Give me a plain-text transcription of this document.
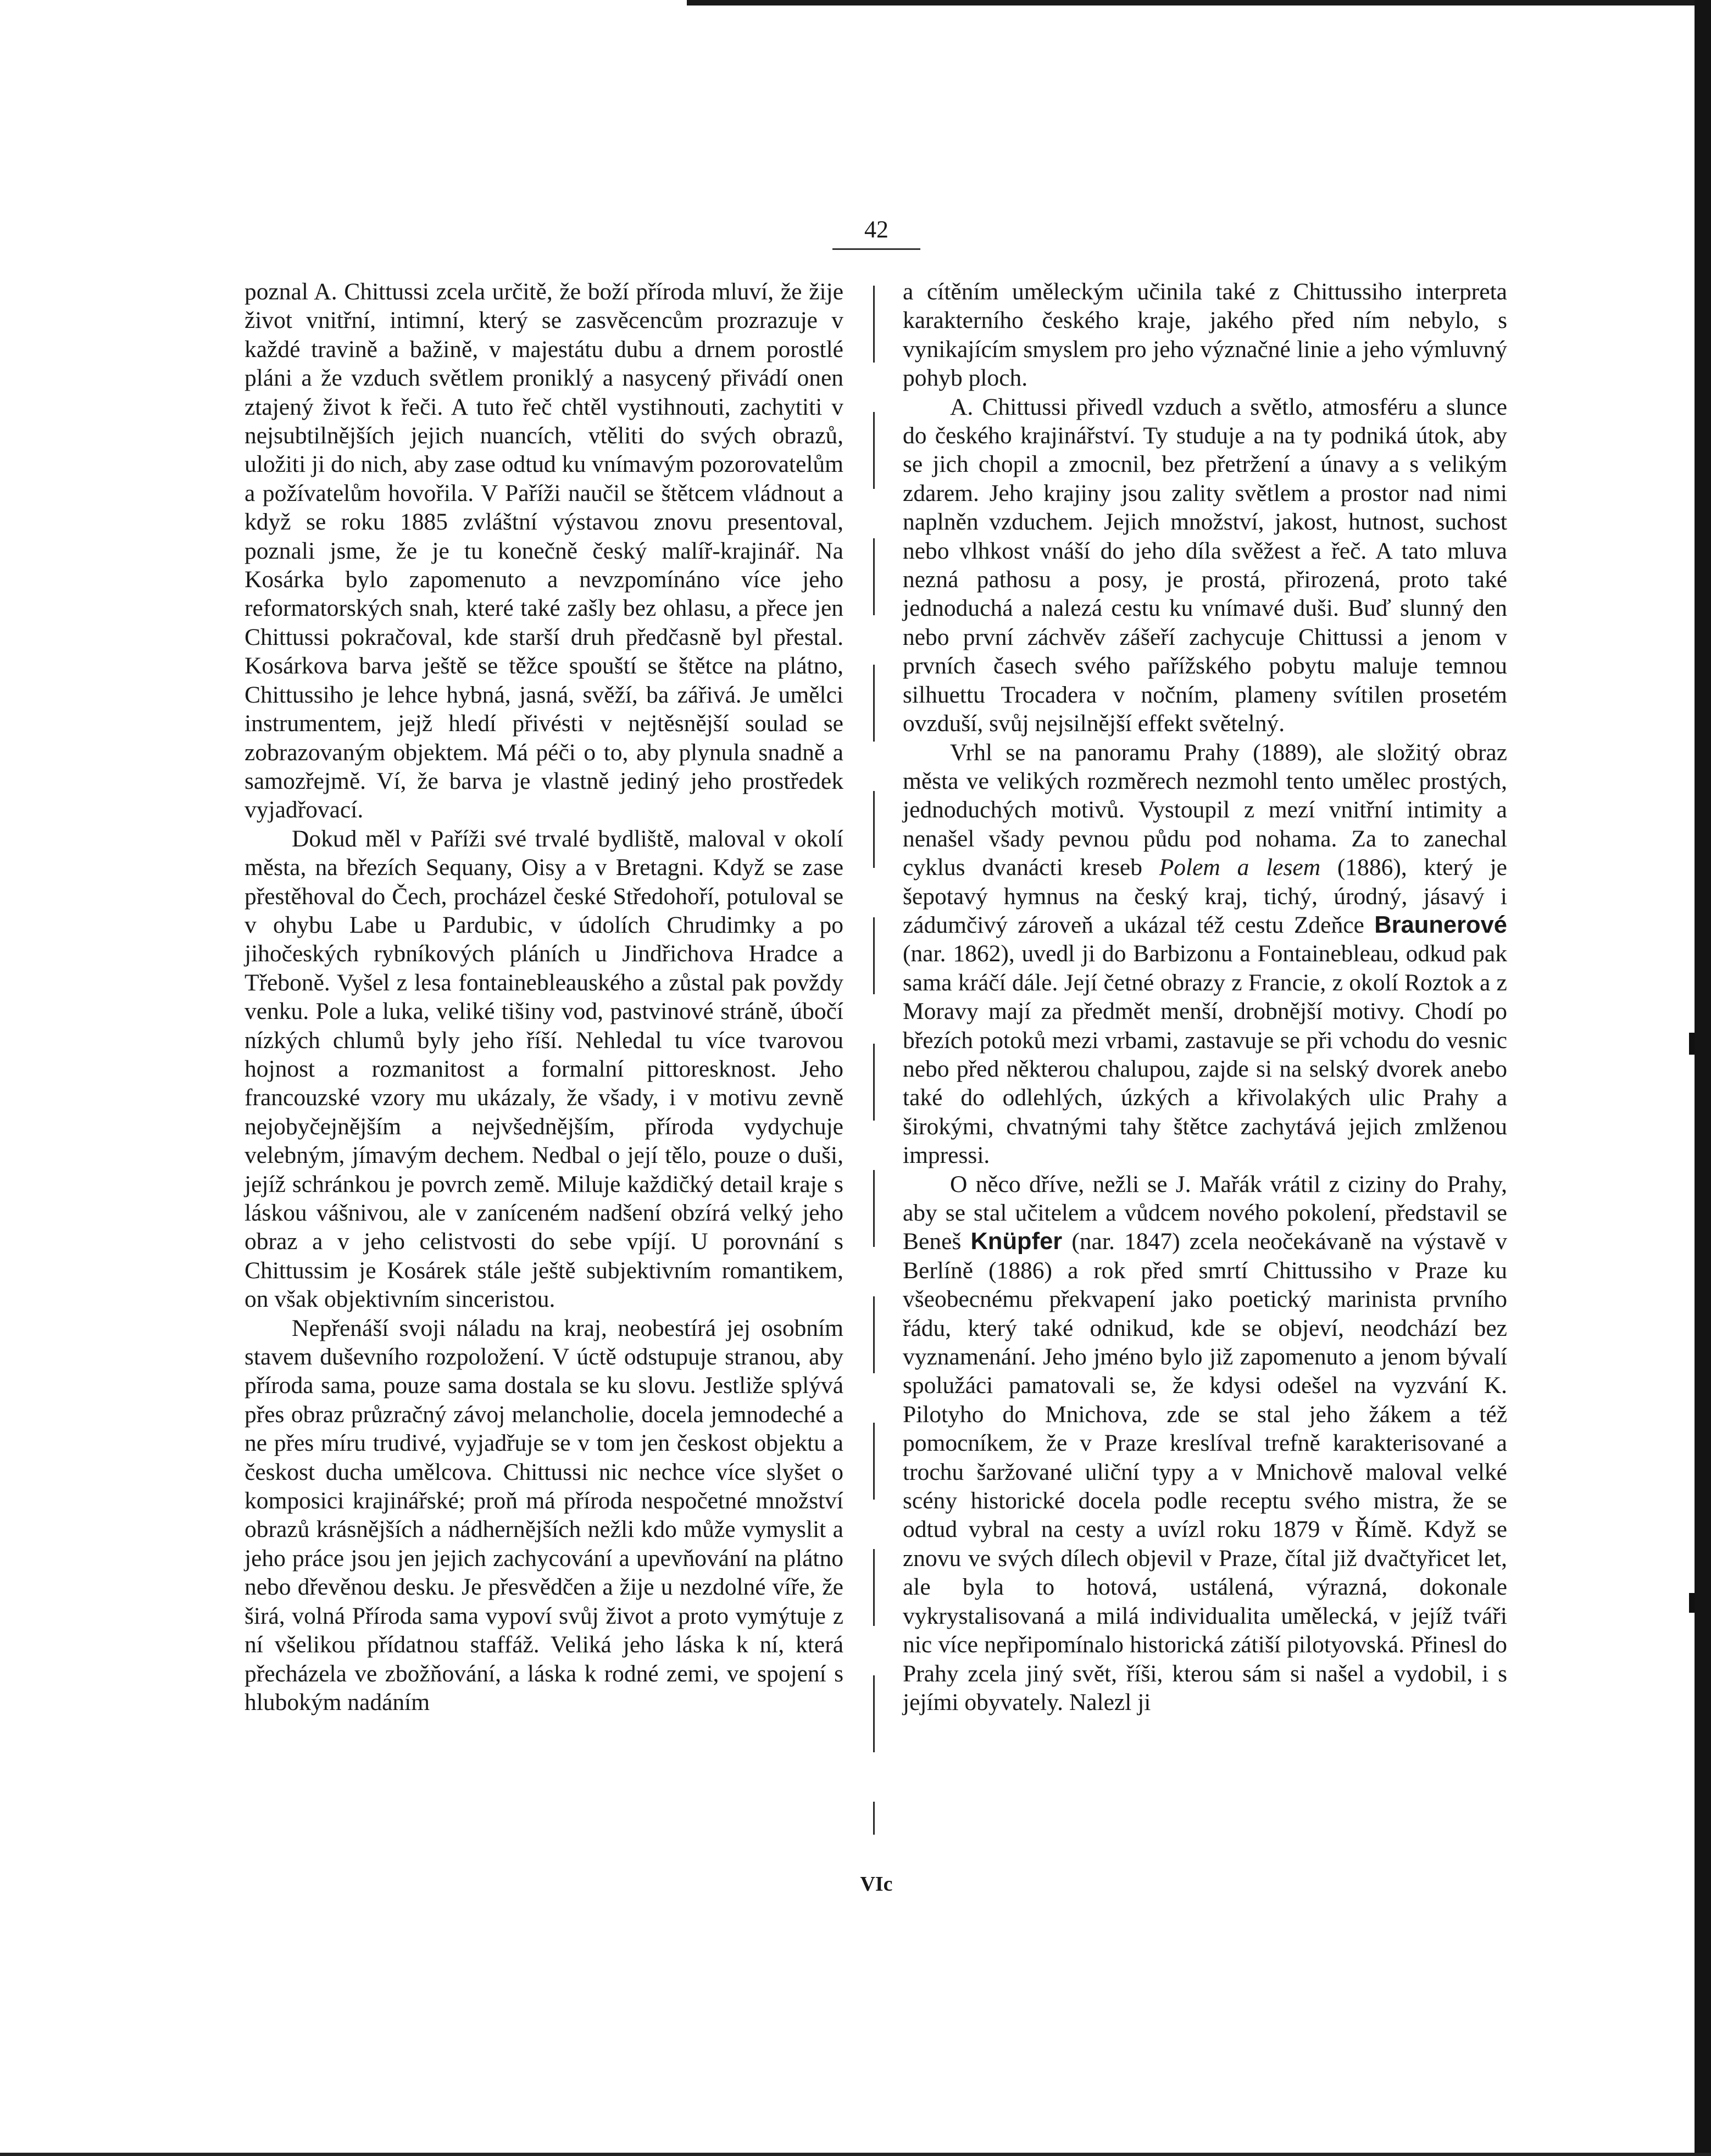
42

poznal A. Chittussi zcela určitě, že boží příroda mluví, že žije život vnitřní, intimní, který se zasvěcencům prozrazuje v každé travině a bažině, v majestátu dubu a drnem porostlé pláni a že vzduch světlem proniklý a nasycený přivádí onen ztajený život k řeči. A tuto řeč chtěl vystihnouti, zachytiti v nejsubtilnějších jejich nuancích, vtěliti do svých obrazů, uložiti ji do nich, aby zase odtud ku vnímavým pozorovatelům a požívatelům hovořila. V Paříži naučil se štětcem vládnout a když se roku 1885 zvláštní výstavou znovu presentoval, poznali jsme, že je tu konečně český malíř-krajinář. Na Kosárka bylo zapomenuto a nevzpomínáno více jeho reformatorských snah, které také zašly bez ohlasu, a přece jen Chittussi pokračoval, kde starší druh předčasně byl přestal. Kosárkova barva ještě se těžce spouští se štětce na plátno, Chittussiho je lehce hybná, jasná, svěží, ba zářivá. Je umělci instrumentem, jejž hledí přivésti v nejtěsnější soulad se zobrazovaným objektem. Má péči o to, aby plynula snadně a samozřejmě. Ví, že barva je vlastně jediný jeho prostředek vyjadřovací.

Dokud měl v Paříži své trvalé bydliště, maloval v okolí města, na březích Sequany, Oisy a v Bretagni. Když se zase přestěhoval do Čech, procházel české Středohoří, potuloval se v ohybu Labe u Pardubic, v údolích Chrudimky a po jihočeských rybníkových pláních u Jindřichova Hradce a Třeboně. Vyšel z lesa fontainebleauského a zůstal pak povždy venku. Pole a luka, veliké tišiny vod, pastvinové stráně, úbočí nízkých chlumů byly jeho říší. Nehledal tu více tvarovou hojnost a rozmanitost a formalní pittoresknost. Jeho francouzské vzory mu ukázaly, že všady, i v motivu zevně nejobyčejnějším a nejvšednějším, příroda vydychuje velebným, jímavým dechem. Nedbal o její tělo, pouze o duši, jejíž schránkou je povrch země. Miluje každičký detail kraje s láskou vášnivou, ale v zaníceném nadšení obzírá velký jeho obraz a v jeho celistvosti do sebe vpíjí. U porovnání s Chittussim je Kosárek stále ještě subjektivním romantikem, on však objektivním sinceristou.

Nepřenáší svoji náladu na kraj, neobestírá jej osobním stavem duševního rozpoložení. V úctě odstupuje stranou, aby příroda sama, pouze sama dostala se ku slovu. Jestliže splývá přes obraz průzračný závoj melancholie, docela jemnodeché a ne přes míru trudivé, vyjadřuje se v tom jen českost objektu a českost ducha umělcova. Chittussi nic nechce více slyšet o komposici krajinářské; proň má příroda nespočetné množství obrazů krásnějších a nádhernějších nežli kdo může vymyslit a jeho práce jsou jen jejich zachycování a upevňování na plátno nebo dřevěnou desku. Je přesvědčen a žije u nezdolné víře, že širá, volná Příroda sama vypoví svůj život a proto vymýtuje z ní všelikou přídatnou staffáž. Veliká jeho láska k ní, která přecházela ve zbožňování, a láska k rodné zemi, ve spojení s hlubokým nadáním

a cítěním uměleckým učinila také z Chittussiho interpreta karakterního českého kraje, jakého před ním nebylo, s vynikajícím smyslem pro jeho význačné linie a jeho výmluvný pohyb ploch.

A. Chittussi přivedl vzduch a světlo, atmosféru a slunce do českého krajinářství. Ty studuje a na ty podniká útok, aby se jich chopil a zmocnil, bez přetržení a únavy a s velikým zdarem. Jeho krajiny jsou zality světlem a prostor nad nimi naplněn vzduchem. Jejich množství, jakost, hutnost, suchost nebo vlhkost vnáší do jeho díla svěžest a řeč. A tato mluva nezná pathosu a posy, je prostá, přirozená, proto také jednoduchá a nalezá cestu ku vnímavé duši. Buď slunný den nebo první záchvěv zášeří zachycuje Chittussi a jenom v prvních časech svého pařížského pobytu maluje temnou silhuettu Trocadera v nočním, plameny svítilen prosetém ovzduší, svůj nejsilnější effekt světelný.

Vrhl se na panoramu Prahy (1889), ale složitý obraz města ve velikých rozměrech nezmohl tento umělec prostých, jednoduchých motivů. Vystoupil z mezí vnitřní intimity a nenašel všady pevnou půdu pod nohama. Za to zanechal cyklus dvanácti kreseb Polem a lesem (1886), který je šepotavý hymnus na český kraj, tichý, úrodný, jásavý i zádumčivý zároveň a ukázal též cestu Zdeňce Braunerové (nar. 1862), uvedl ji do Barbizonu a Fontainebleau, odkud pak sama kráčí dále. Její četné obrazy z Francie, z okolí Roztok a z Moravy mají za předmět menší, drobnější motivy. Chodí po březích potoků mezi vrbami, zastavuje se při vchodu do vesnic nebo před některou chalupou, zajde si na selský dvorek anebo také do odlehlých, úzkých a křivolakých ulic Prahy a širokými, chvatnými tahy štětce zachytává jejich zmlženou impressi.

O něco dříve, nežli se J. Mařák vrátil z ciziny do Prahy, aby se stal učitelem a vůdcem nového pokolení, představil se Beneš Knüpfer (nar. 1847) zcela neočekávaně na výstavě v Berlíně (1886) a rok před smrtí Chittussiho v Praze ku všeobecnému překvapení jako poetický marinista prvního řádu, který také odnikud, kde se objeví, neodchází bez vyznamenání. Jeho jméno bylo již zapomenuto a jenom bývalí spolužáci pamatovali se, že kdysi odešel na vyzvání K. Pilotyho do Mnichova, zde se stal jeho žákem a též pomocníkem, že v Praze kreslíval trefně karakterisované a trochu šaržované uliční typy a v Mnichově maloval velké scény historické docela podle receptu svého mistra, že se odtud vybral na cesty a uvízl roku 1879 v Římě. Když se znovu ve svých dílech objevil v Praze, čítal již dvačtyřicet let, ale byla to hotová, ustálená, výrazná, dokonale vykrystalisovaná a milá individualita umělecká, v jejíž tváři nic více nepřipomínalo historická zátiší pilotyovská. Přinesl do Prahy zcela jiný svět, říši, kterou sám si našel a vydobil, i s jejími obyvately. Nalezl ji

VIc
